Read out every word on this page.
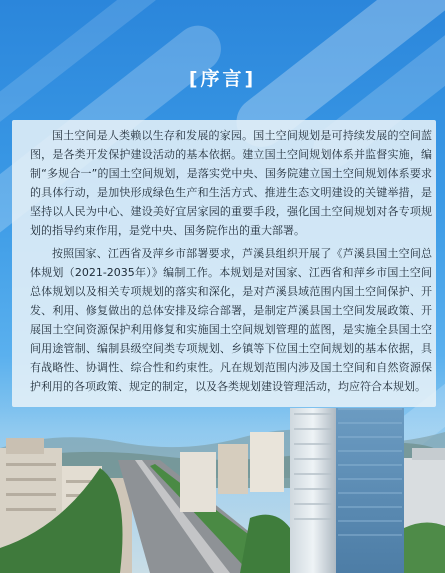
[序言]

国土空间是人类赖以生存和发展的家园。国土空间规划是可持续发展的空间蓝图，是各类开发保护建设活动的基本依据。建立国土空间规划体系并监督实施，编制“多规合一”的国土空间规划，是落实党中央、国务院建立国土空间规划体系要求的具体行动，是加快形成绿色生产和生活方式、推进生态文明建设的关键举措，是坚持以人民为中心、建设美好宜居家园的重要手段，强化国土空间规划对各专项规划的指导约束作用，是党中央、国务院作出的重大部署。

按照国家、江西省及萍乡市部署要求，芦溪县组织开展了《芦溪县国土空间总体规划（2021-2035年）》编制工作。本规划是对国家、江西省和萍乡市国土空间总体规划以及相关专项规划的落实和深化，是对芦溪县域范围内国土空间保护、开发、利用、修复做出的总体安排及综合部署，是制定芦溪县国土空间发展政策、开展国土空间资源保护利用修复和实施国土空间规划管理的蓝图，是实施全县国土空间用途管制、编制县级空间类专项规划、乡镇等下位国土空间规划的基本依据，具有战略性、协调性、综合性和约束性。凡在规划范围内涉及国土空间和自然资源保护利用的各项政策、规定的制定，以及各类规划建设管理活动，均应符合本规划。
